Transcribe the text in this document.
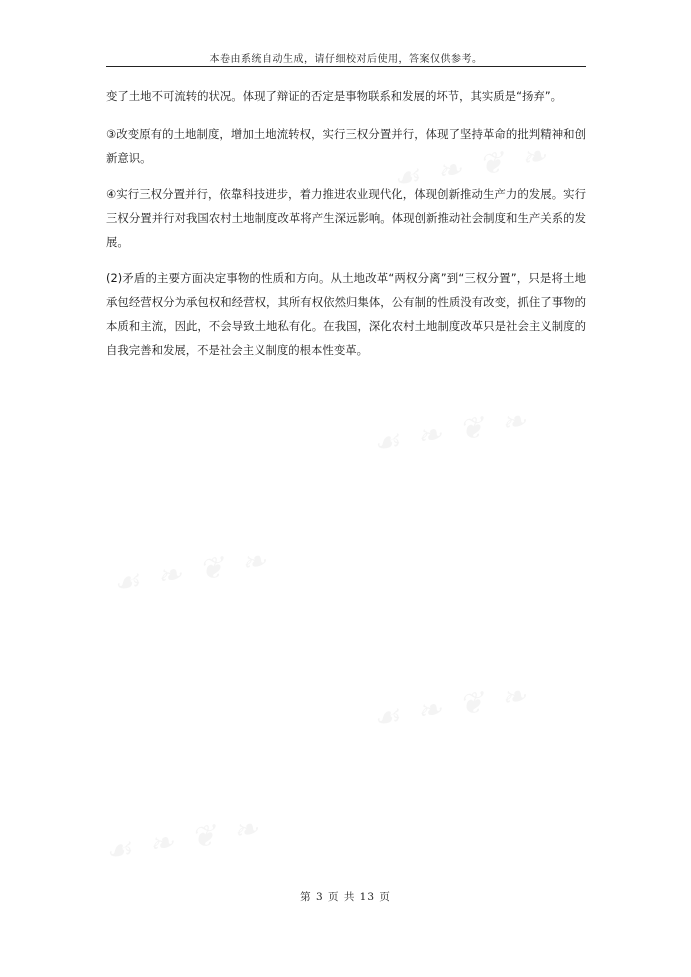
本卷由系统自动生成，请仔细校对后使用，答案仅供参考。

变了土地不可流转的状况。体现了辩证的否定是事物联系和发展的坏节，其实质是“扬弃”。

③改变原有的土地制度，增加土地流转权，实行三权分置并行，体现了坚持革命的批判精神和创新意识。

④实行三权分置并行，依靠科技进步，着力推进农业现代化，体现创新推动生产力的发展。实行三权分置并行对我国农村土地制度改革将产生深远影响。体现创新推动社会制度和生产关系的发展。

(2)矛盾的主要方面决定事物的性质和方向。从土地改革“两权分离”到“三权分置”，只是将土地承包经营权分为承包权和经营权，其所有权依然归集体，公有制的性质没有改变，抓住了事物的本质和主流，因此，不会导致土地私有化。在我国，深化农村土地制度改革只是社会主义制度的自我完善和发展，不是社会主义制度的根本性变革。

第 3 页 共 13 页
